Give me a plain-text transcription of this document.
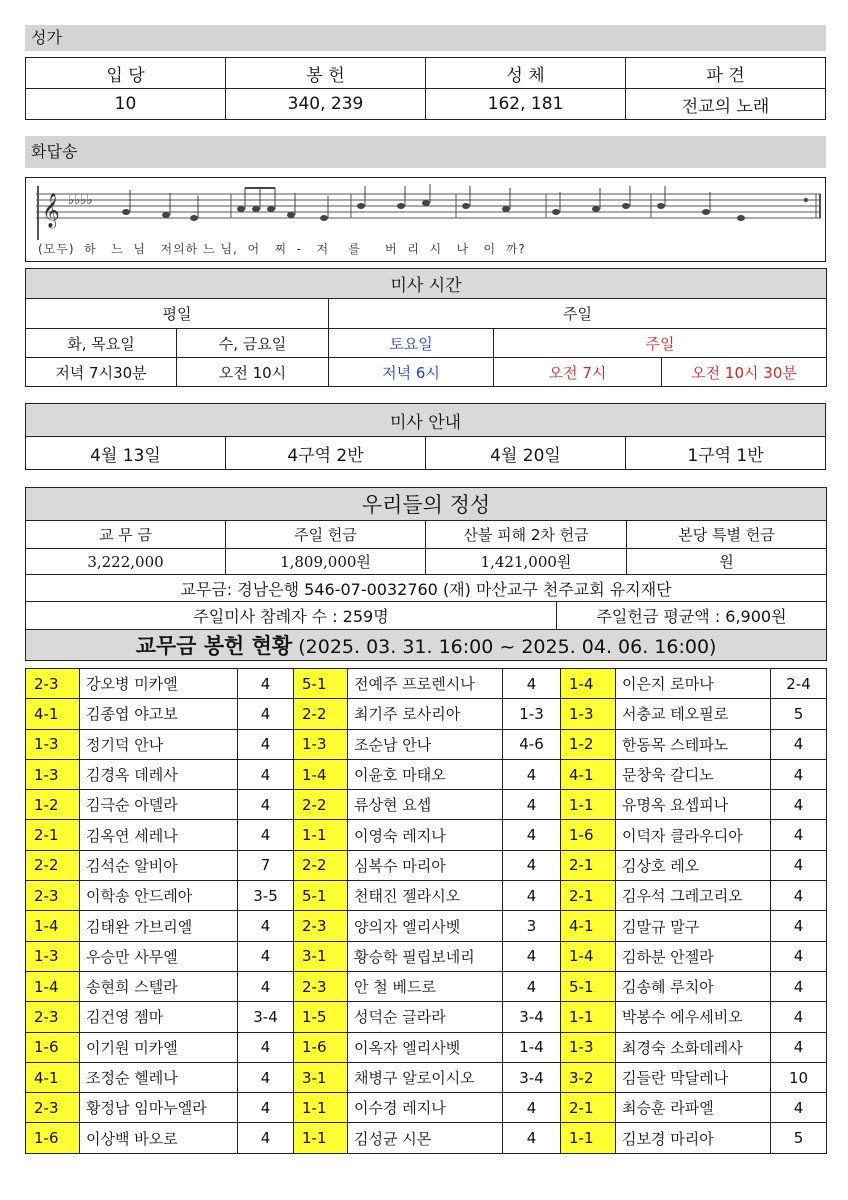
성가
입 당	봉 헌	성 체	파 견
10	340, 239	162, 181	전교의 노래
화답송
𝄞 ♭♭♭♭
(모두)  하   느  님   저의하 느 님,  어   찌  -   저    를     버  리  시   나   이  까?
미사 시간				
평일		주일		
화, 목요일	수, 금요일	토요일	주일	
저녁 7시30분	오전 10시	저녁 6시	오전 7시	오전 10시 30분
미사 안내
4월 13일	4구역 2반	4월 20일	1구역 1반
우리들의 정성				
교 무 금	주일 헌금	산불 피해 2차 헌금		본당 특별 헌금
3,222,000	1,809,000원	1,421,000원		원
교무금: 경남은행 546-07-0032760 (재) 마산교구 천주교회 유지재단				
주일미사 참례자 수 : 259명			주일헌금 평균액 : 6,900원	
교무금 봉헌 현황 (2025. 03. 31. 16:00 ~ 2025. 04. 06. 16:00)				
2-3	강오병 미카엘	4	5-1	전예주 프로렌시나	4	1-4	이은지 로마나	2-4
4-1	김종엽 야고보	4	2-2	최기주 로사리아	1-3	1-3	서충교 테오필로	5
1-3	정기덕 안나	4	1-3	조순남 안나	4-6	1-2	한동목 스테파노	4
1-3	김경옥 데레사	4	1-4	이윤호 마태오	4	4-1	문창욱 갈디노	4
1-2	김극순 아델라	4	2-2	류상현 요셉	4	1-1	유명옥 요셉피나	4
2-1	김옥연 세레나	4	1-1	이영숙 레지나	4	1-6	이덕자 클라우디아	4
2-2	김석순 알비아	7	2-2	심복수 마리아	4	2-1	김상호 레오	4
2-3	이학송 안드레아	3-5	5-1	천태진 젤라시오	4	2-1	김우석 그레고리오	4
1-4	김태완 가브리엘	4	2-3	양의자 엘리사벳	3	4-1	김말규 말구	4
1-3	우승만 사무엘	4	3-1	황승학 필립보네리	4	1-4	김하분 안젤라	4
1-4	송현희 스텔라	4	2-3	안 철 베드로	4	5-1	김송혜 루치아	4
2-3	김건영 젬마	3-4	1-5	성덕순 글라라	3-4	1-1	박봉수 에우세비오	4
1-6	이기원 미카엘	4	1-6	이옥자 엘리사벳	1-4	1-3	최경숙 소화데레사	4
4-1	조정순 헬레나	4	3-1	채병구 알로이시오	3-4	3-2	김들란 막달레나	10
2-3	황정남 임마누엘라	4	1-1	이수경 레지나	4	2-1	최승훈 라파엘	4
1-6	이상백 바오로	4	1-1	김성균 시몬	4	1-1	김보경 마리아	5
